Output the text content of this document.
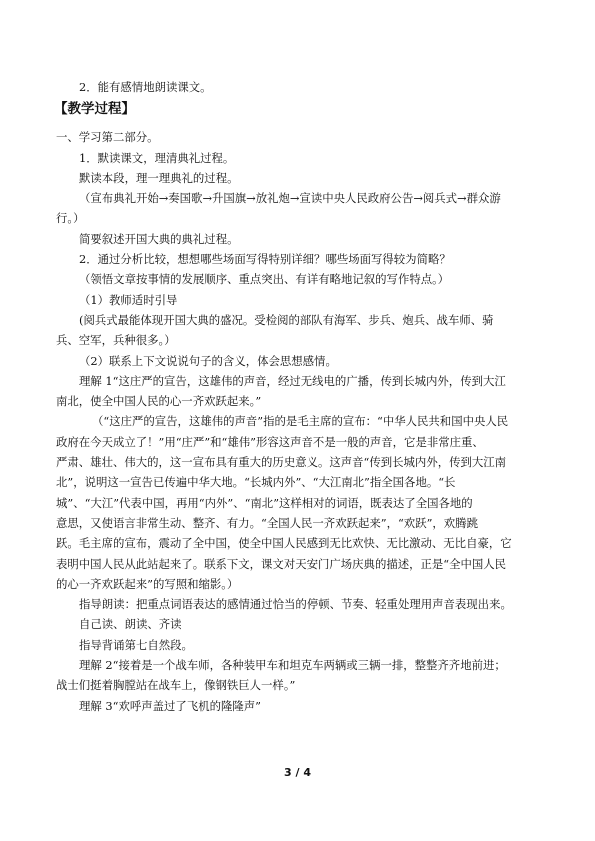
2．能有感情地朗读课文。
【教学过程】
一、学习第二部分。
1．默读课文，理清典礼过程。
默读本段，理一理典礼的过程。
（宣布典礼开始→奏国歌→升国旗→放礼炮→宣读中央人民政府公告→阅兵式→群众游
行。）
简要叙述开国大典的典礼过程。
2．通过分析比较，想想哪些场面写得特别详细？哪些场面写得较为简略？
（领悟文章按事情的发展顺序、重点突出、有详有略地记叙的写作特点。）
（1）教师适时引导
(阅兵式最能体现开国大典的盛况。受检阅的部队有海军、步兵、炮兵、战车师、骑
兵、空军，兵种很多。）
（2）联系上下文说说句子的含义，体会思想感情。
理解 1“这庄严的宣告，这雄伟的声音，经过无线电的广播，传到长城内外，传到大江
南北，使全中国人民的心一齐欢跃起来。”
（“这庄严的宣告，这雄伟的声音”指的是毛主席的宣布：“中华人民共和国中央人民
政府在今天成立了！”用“庄严”和“雄伟”形容这声音不是一般的声音，它是非常庄重、
严肃、雄壮、伟大的，这一宣布具有重大的历史意义。这声音“传到长城内外，传到大江南
北”，说明这一宣告已传遍中华大地。“长城内外”、“大江南北”指全国各地。“长
城”、“大江”代表中国，再用“内外”、“南北”这样相对的词语，既表达了全国各地的
意思，又使语言非常生动、整齐、有力。“全国人民一齐欢跃起来”，“欢跃”，欢腾跳
跃。毛主席的宣布，震动了全中国，使全中国人民感到无比欢快、无比激动、无比自豪，它
表明中国人民从此站起来了。联系下文，课文对天安门广场庆典的描述，正是“全中国人民
的心一齐欢跃起来”的写照和缩影。）
指导朗读：把重点词语表达的感情通过恰当的停顿、节奏、轻重处理用声音表现出来。
自己读、朗读、齐读
指导背诵第七自然段。
理解 2“接着是一个战车师，各种装甲车和坦克车两辆或三辆一排，整整齐齐地前进；
战士们挺着胸膛站在战车上，像钢铁巨人一样。”
理解 3“欢呼声盖过了飞机的隆隆声”
3 / 4
